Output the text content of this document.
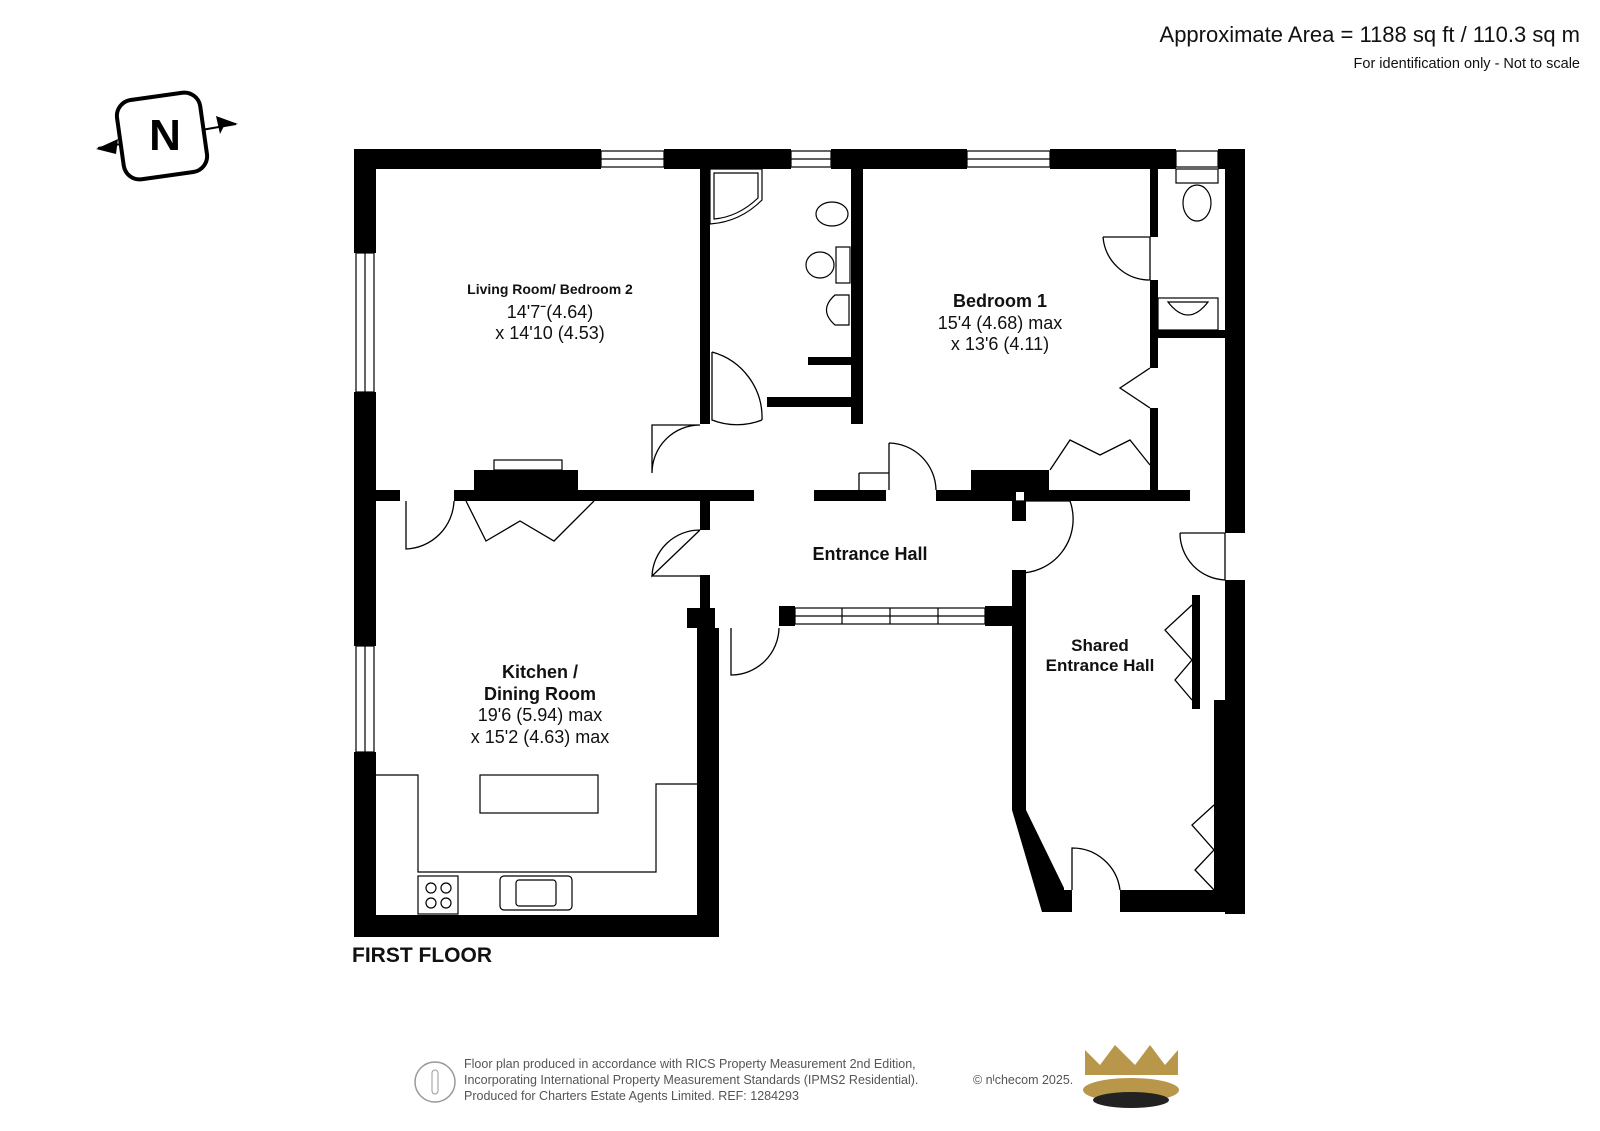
Approximate Area = 1188 sq ft / 110.3 sq m
For identification only - Not to scale
N
Living Room/ Bedroom 2
14'7ˉ(4.64)
x 14'10 (4.53)
Bedroom 1
15'4 (4.68) max
x 13'6 (4.11)
Kitchen /
Dining Room
19'6 (5.94) max
x 15'2 (4.63) max
Entrance Hall
Shared
Entrance Hall
FIRST FLOOR
Floor plan produced in accordance with RICS Property Measurement 2nd Edition,
Incorporating International Property Measurement Standards (IPMS2 Residential).
Produced for Charters Estate Agents Limited. REF: 1284293
© nᴵchecom 2025.
